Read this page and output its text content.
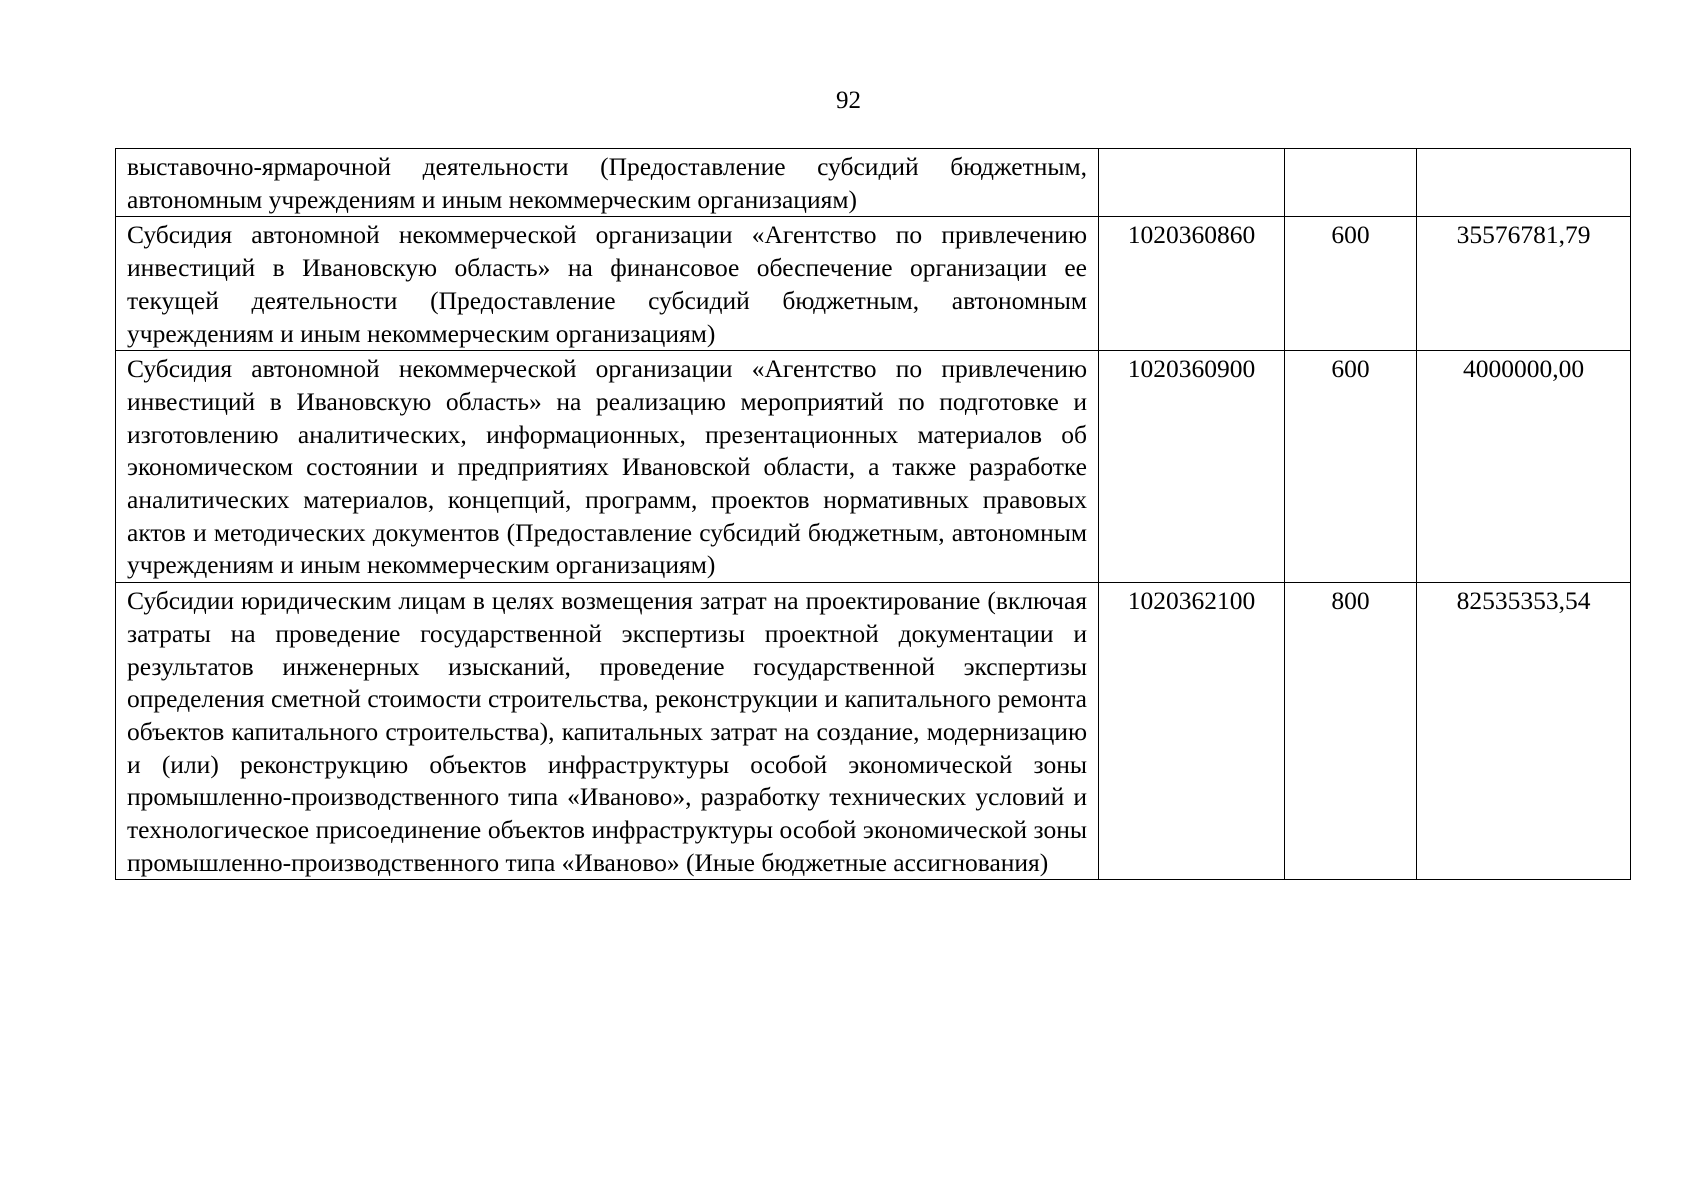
92
выставочно-ярмарочной деятельности (Предоставление субсидий бюджетным, автономным учреждениям и иным некоммерческим организациям)			

Субсидия автономной некоммерческой организации «Агентство по привлечению инвестиций в Ивановскую область» на финансовое обеспечение организации ее текущей деятельности (Предоставление субсидий бюджетным, автономным учреждениям и иным некоммерческим организациям)	1020360860	600	35576781,79

Субсидия автономной некоммерческой организации «Агентство по привлечению инвестиций в Ивановскую область» на реализацию мероприятий по подготовке и изготовлению аналитических, информационных, презентационных материалов об экономическом состоянии и предприятиях Ивановской области, а также разработке аналитических материалов, концепций, программ, проектов нормативных правовых актов и методических документов (Предоставление субсидий бюджетным, автономным учреждениям и иным некоммерческим организациям)	1020360900	600	4000000,00

Субсидии юридическим лицам в целях возмещения затрат на проектирование (включая затраты на проведение государственной экспертизы проектной документации и результатов инженерных изысканий, проведение государственной экспертизы определения сметной стоимости строительства, реконструкции и капитального ремонта объектов капитального строительства), капитальных затрат на создание, модернизацию и (или) реконструкцию объектов инфраструктуры особой экономической зоны промышленно-производственного типа «Иваново», разработку технических условий и технологическое присоединение объектов инфраструктуры особой экономической зоны промышленно-производственного типа «Иваново» (Иные бюджетные ассигнования)	1020362100	800	82535353,54
